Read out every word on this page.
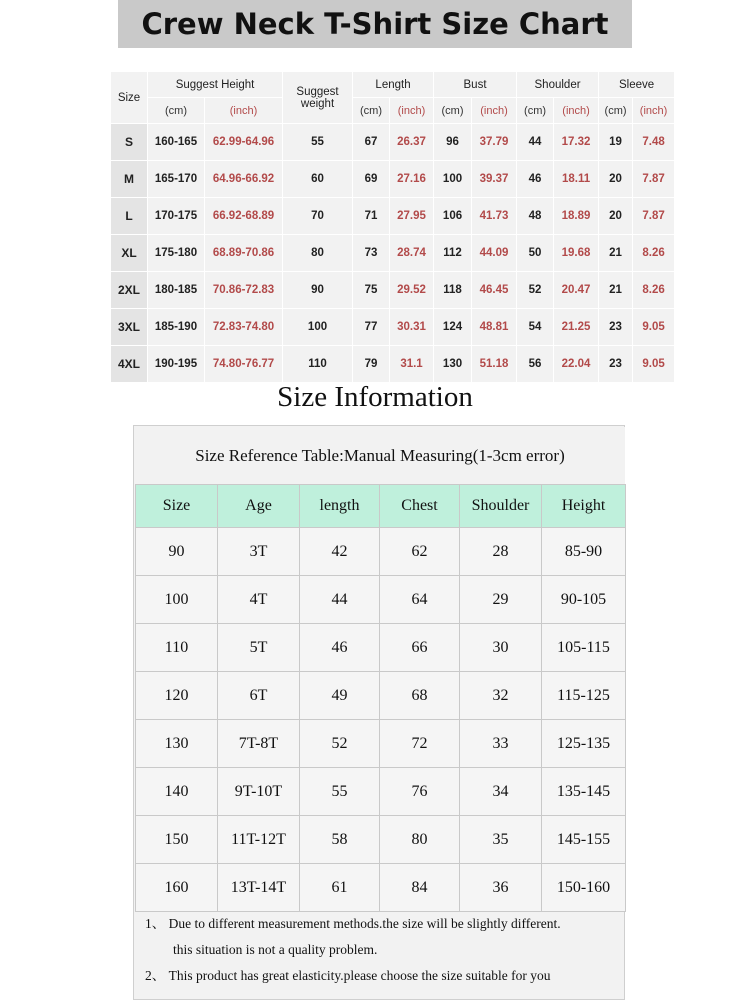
Crew Neck T-Shirt Size Chart
Size	Suggest Height		Suggest weight	Length		Bust		Shoulder		Sleeve	
	(cm)	(inch)		(cm)	(inch)	(cm)	(inch)	(cm)	(inch)	(cm)	(inch)
S	160-165	62.99-64.96	55	67	26.37	96	37.79	44	17.32	19	7.48
M	165-170	64.96-66.92	60	69	27.16	100	39.37	46	18.11	20	7.87
L	170-175	66.92-68.89	70	71	27.95	106	41.73	48	18.89	20	7.87
XL	175-180	68.89-70.86	80	73	28.74	112	44.09	50	19.68	21	8.26
2XL	180-185	70.86-72.83	90	75	29.52	118	46.45	52	20.47	21	8.26
3XL	185-190	72.83-74.80	100	77	30.31	124	48.81	54	21.25	23	9.05
4XL	190-195	74.80-76.77	110	79	31.1	130	51.18	56	22.04	23	9.05
Size Information
Size Reference Table:Manual Measuring(1-3cm error)
Size	Age	length	Chest	Shoulder	Height
90	3T	42	62	28	85-90
100	4T	44	64	29	90-105
110	5T	46	66	30	105-115
120	6T	49	68	32	115-125
130	7T-8T	52	72	33	125-135
140	9T-10T	55	76	34	135-145
150	11T-12T	58	80	35	145-155
160	13T-14T	61	84	36	150-160
1、 Due to different measurement methods.the size will be slightly different.
this situation is not a quality problem.
2、 This product has great elasticity.please choose the size suitable for you
